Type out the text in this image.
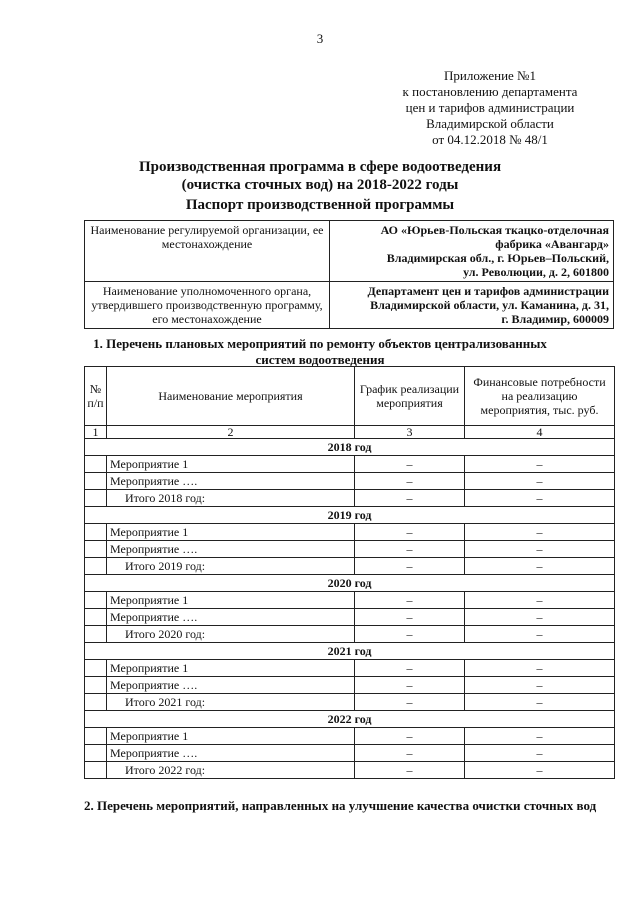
3
Приложение №1
к постановлению департамента
цен и тарифов администрации
Владимирской области
от 04.12.2018 № 48/1
Производственная программа в сфере водоотведения
(очистка сточных вод) на 2018-2022 годы
Паспорт производственной программы
Наименование регулируемой организации, ее местонахождение	АО «Юрьев-Польская ткацко-отделочная
фабрика «Авангард»
Владимирская обл., г. Юрьев–Польский,
ул. Революции, д. 2, 601800

Наименование уполномоченного органа, утвердившего производственную программу, его местонахождение	Департамент цен и тарифов администрации
Владимирской области, ул. Каманина, д. 31,
г. Владимир, 600009
1. Перечень плановых мероприятий по ремонту объектов централизованных
систем водоотведения
№ п/п	Наименование мероприятия	График реализации мероприятия	Финансовые потребности на реализацию мероприятия, тыс. руб.
1	2	3	4
2018 год			
	Мероприятие 1	–	–
	Мероприятие ….	–	–
	Итого 2018 год:	–	–
2019 год			
	Мероприятие 1	–	–
	Мероприятие ….	–	–
	Итого 2019 год:	–	–
2020 год			
	Мероприятие 1	–	–
	Мероприятие ….	–	–
	Итого 2020 год:	–	–
2021 год			
	Мероприятие 1	–	–
	Мероприятие ….	–	–
	Итого 2021 год:	–	–
2022 год			
	Мероприятие 1	–	–
	Мероприятие ….	–	–
	Итого 2022 год:	–	–
2. Перечень мероприятий, направленных на улучшение качества очистки сточных вод
